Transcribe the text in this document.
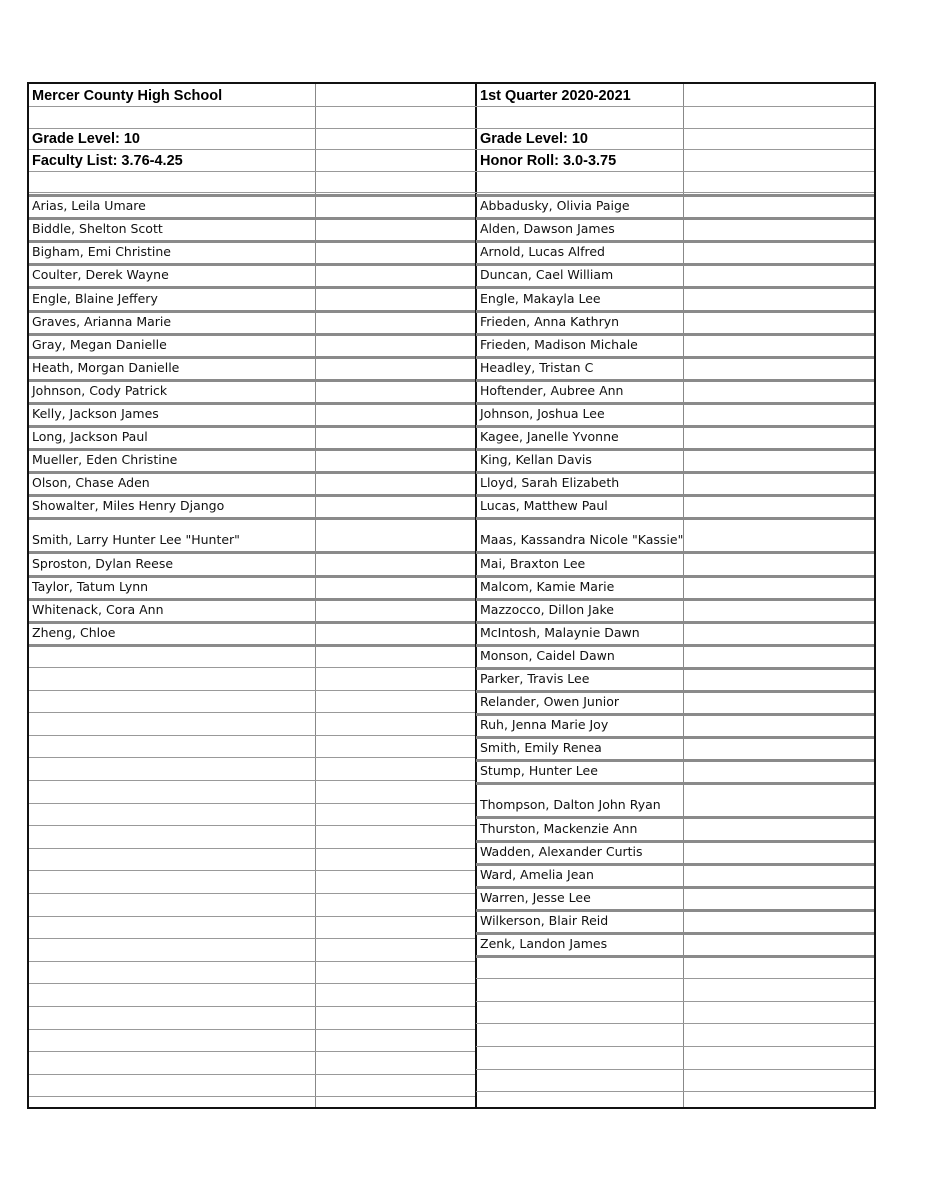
Mercer County High School	1st Quarter 2020-2021
Grade Level: 10
Faculty List: 3.76-4.25
Grade Level: 10
Honor Roll: 3.0-3.75
Arias, Leila Umare
Biddle, Shelton Scott
Bigham, Emi Christine
Coulter, Derek Wayne
Engle, Blaine Jeffery
Graves, Arianna Marie
Gray, Megan Danielle
Heath, Morgan Danielle
Johnson, Cody Patrick
Kelly, Jackson James
Long, Jackson Paul
Mueller, Eden Christine
Olson, Chase Aden
Showalter, Miles Henry Django
Smith, Larry Hunter Lee "Hunter"
Sproston, Dylan Reese
Taylor, Tatum Lynn
Whitenack, Cora Ann
Zheng, Chloe
Abbadusky, Olivia Paige
Alden, Dawson James
Arnold, Lucas Alfred
Duncan, Cael William
Engle, Makayla Lee
Frieden, Anna Kathryn
Frieden, Madison Michale
Headley, Tristan C
Hoftender, Aubree Ann
Johnson, Joshua Lee
Kagee, Janelle Yvonne
King, Kellan Davis
Lloyd, Sarah Elizabeth
Lucas, Matthew Paul
Maas, Kassandra Nicole "Kassie"
Mai, Braxton Lee
Malcom, Kamie Marie
Mazzocco, Dillon Jake
McIntosh, Malaynie Dawn
Monson, Caidel Dawn
Parker, Travis Lee
Relander, Owen Junior
Ruh, Jenna Marie Joy
Smith, Emily Renea
Stump, Hunter Lee
Thompson, Dalton John Ryan
Thurston, Mackenzie Ann
Wadden, Alexander Curtis
Ward, Amelia Jean
Warren, Jesse Lee
Wilkerson, Blair Reid
Zenk, Landon James
